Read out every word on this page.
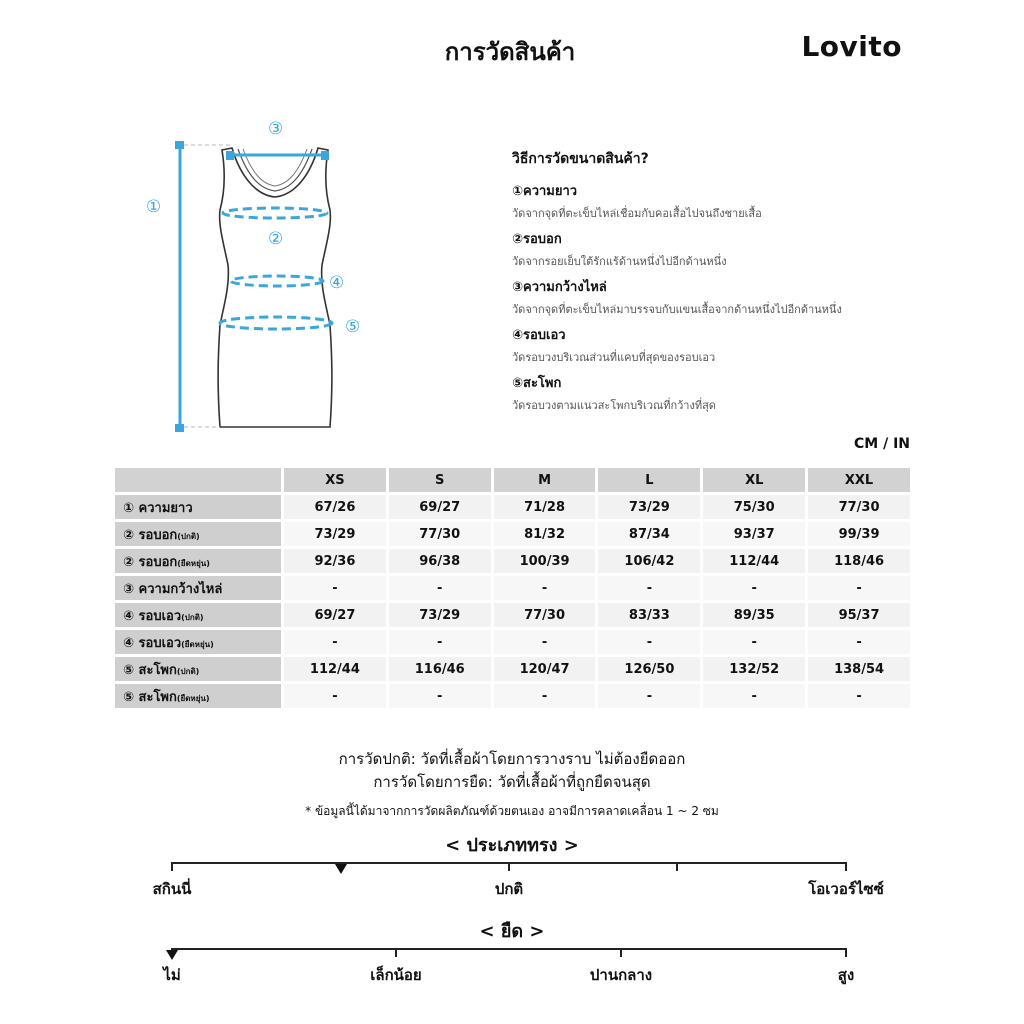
การวัดสินค้า	Lovito
①
②
③
④
⑤
วิธีการวัดขนาดสินค้า?
①ความยาว
วัดจากจุดที่ตะเข็บไหล่เชื่อมกับคอเสื้อไปจนถึงชายเสื้อ
②รอบอก
วัดจากรอยเย็บใต้รักแร้ด้านหนึ่งไปอีกด้านหนึ่ง
③ความกว้างไหล่
วัดจากจุดที่ตะเข็บไหล่มาบรรจบกับแขนเสื้อจากด้านหนึ่งไปอีกด้านหนึ่ง
④รอบเอว
วัดรอบวงบริเวณส่วนที่แคบที่สุดของรอบเอว
⑤สะโพก
วัดรอบวงตามแนวสะโพกบริเวณที่กว้างที่สุด
CM / IN
	XS	S	M	L	XL	XXL
① ความยาว	67/26	69/27	71/28	73/29	75/30	77/30
② รอบอก(ปกติ)	73/29	77/30	81/32	87/34	93/37	99/39
② รอบอก(ยืดหยุ่น)	92/36	96/38	100/39	106/42	112/44	118/46
③ ความกว้างไหล่	-	-	-	-	-	-
④ รอบเอว(ปกติ)	69/27	73/29	77/30	83/33	89/35	95/37
④ รอบเอว(ยืดหยุ่น)	-	-	-	-	-	-
⑤ สะโพก(ปกติ)	112/44	116/46	120/47	126/50	132/52	138/54
⑤ สะโพก(ยืดหยุ่น)	-	-	-	-	-	-
การวัดปกติ: วัดที่เสื้อผ้าโดยการวางราบ ไม่ต้องยืดออก
การวัดโดยการยืด: วัดที่เสื้อผ้าที่ถูกยืดจนสุด
* ข้อมูลนี้ได้มาจากการวัดผลิตภัณฑ์ด้วยตนเอง อาจมีการคลาดเคลื่อน 1 ~ 2 ซม
< ประเภททรง >
สกินนี่	ปกติ	โอเวอร์ไซซ์
< ยืด >
ไม่	เล็กน้อย	ปานกลาง	สูง
